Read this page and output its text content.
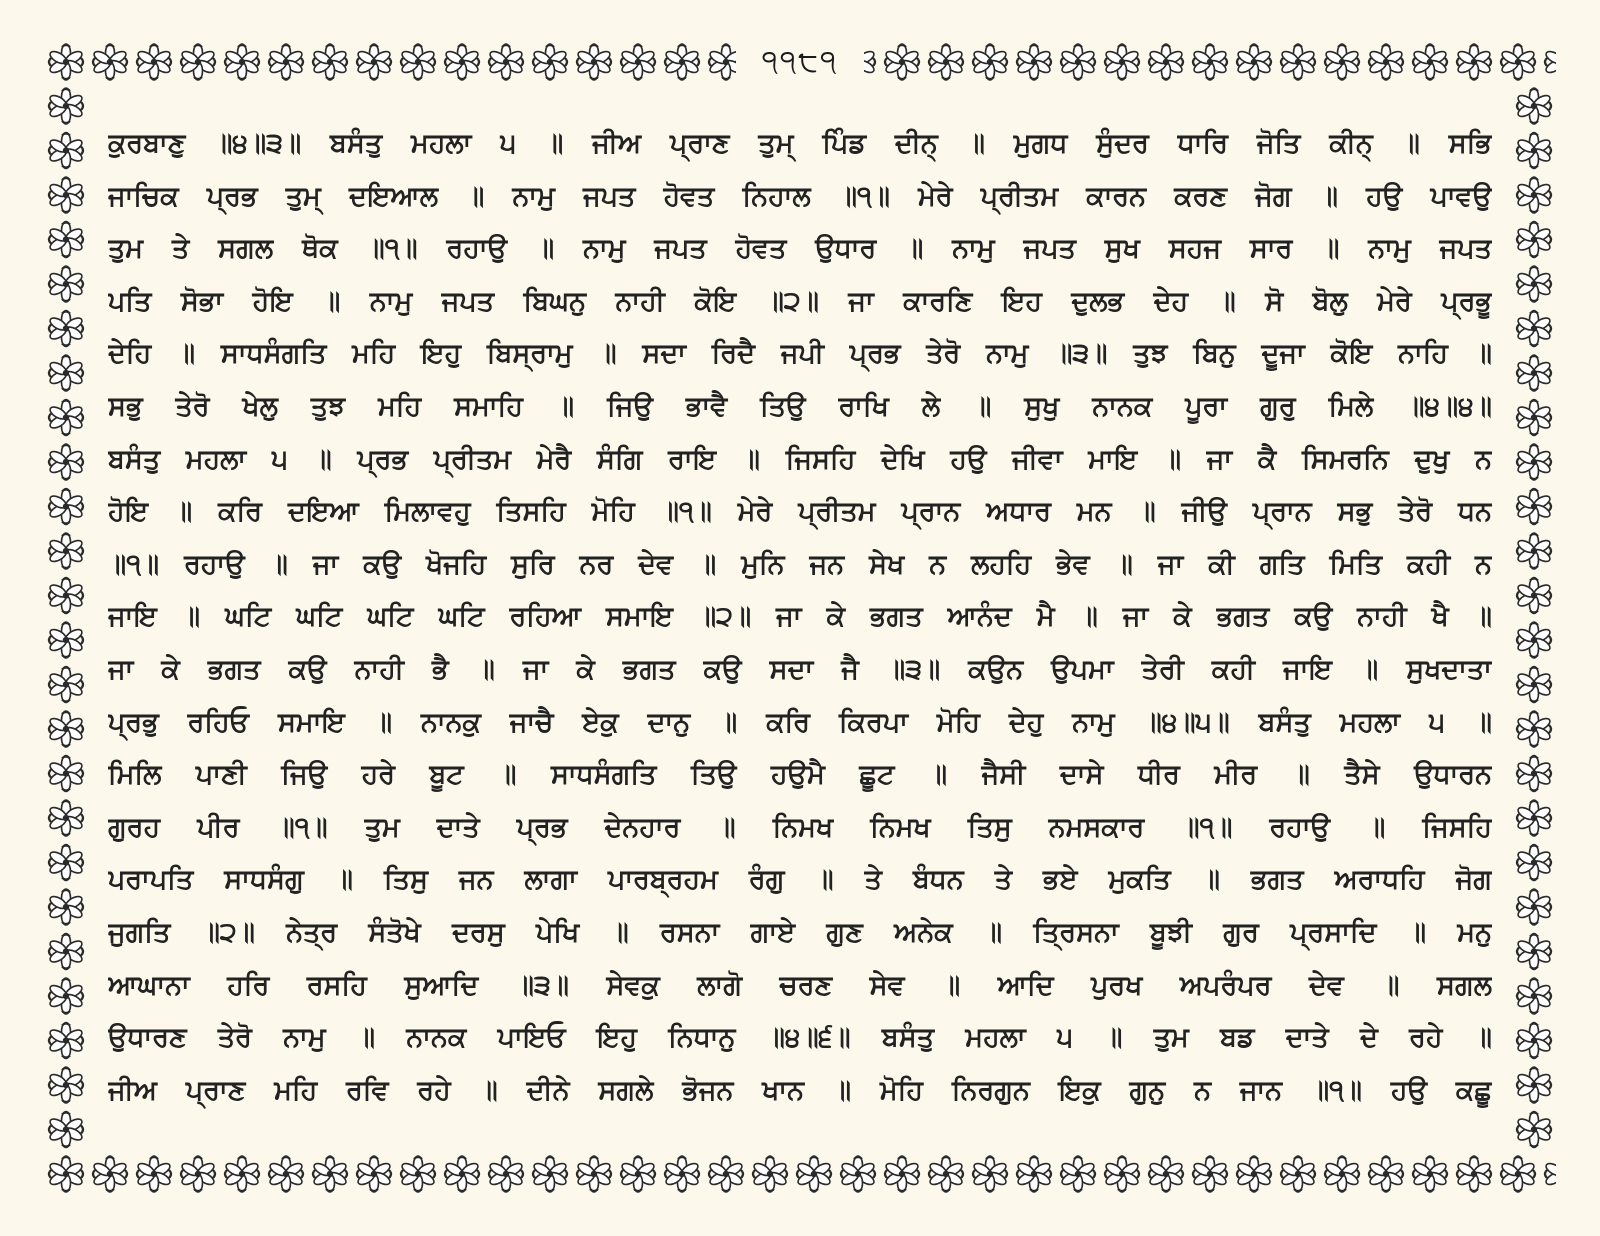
੧੧੮੧
ਕੁਰਬਾਣੁ ॥੪॥੩॥ ਬਸੰਤੁ ਮਹਲਾ ੫ ॥ ਜੀਅ ਪ੍ਰਾਣ ਤੁਮ੍ ਪਿੰਡ ਦੀਨ੍ ॥ ਮੁਗਧ ਸੁੰਦਰ ਧਾਰਿ ਜੋਤਿ ਕੀਨ੍ ॥ ਸਭਿ
ਜਾਚਿਕ ਪ੍ਰਭ ਤੁਮ੍ ਦਇਆਲ ॥ ਨਾਮੁ ਜਪਤ ਹੋਵਤ ਨਿਹਾਲ ॥੧॥ ਮੇਰੇ ਪ੍ਰੀਤਮ ਕਾਰਨ ਕਰਣ ਜੋਗ ॥ ਹਉ ਪਾਵਉ
ਤੁਮ ਤੇ ਸਗਲ ਥੋਕ ॥੧॥ ਰਹਾਉ ॥ ਨਾਮੁ ਜਪਤ ਹੋਵਤ ਉਧਾਰ ॥ ਨਾਮੁ ਜਪਤ ਸੁਖ ਸਹਜ ਸਾਰ ॥ ਨਾਮੁ ਜਪਤ
ਪਤਿ ਸੋਭਾ ਹੋਇ ॥ ਨਾਮੁ ਜਪਤ ਬਿਘਨੁ ਨਾਹੀ ਕੋਇ ॥੨॥ ਜਾ ਕਾਰਣਿ ਇਹ ਦੁਲਭ ਦੇਹ ॥ ਸੋ ਬੋਲੁ ਮੇਰੇ ਪ੍ਰਭੂ
ਦੇਹਿ ॥ ਸਾਧਸੰਗਤਿ ਮਹਿ ਇਹੁ ਬਿਸ੍ਰਾਮੁ ॥ ਸਦਾ ਰਿਦੈ ਜਪੀ ਪ੍ਰਭ ਤੇਰੋ ਨਾਮੁ ॥੩॥ ਤੁਝ ਬਿਨੁ ਦੂਜਾ ਕੋਇ ਨਾਹਿ ॥
ਸਭੁ ਤੇਰੋ ਖੇਲੁ ਤੁਝ ਮਹਿ ਸਮਾਹਿ ॥ ਜਿਉ ਭਾਵੈ ਤਿਉ ਰਾਖਿ ਲੇ ॥ ਸੁਖੁ ਨਾਨਕ ਪੂਰਾ ਗੁਰੁ ਮਿਲੇ ॥੪॥੪॥
ਬਸੰਤੁ ਮਹਲਾ ੫ ॥ ਪ੍ਰਭ ਪ੍ਰੀਤਮ ਮੇਰੈ ਸੰਗਿ ਰਾਇ ॥ ਜਿਸਹਿ ਦੇਖਿ ਹਉ ਜੀਵਾ ਮਾਇ ॥ ਜਾ ਕੈ ਸਿਮਰਨਿ ਦੁਖੁ ਨ
ਹੋਇ ॥ ਕਰਿ ਦਇਆ ਮਿਲਾਵਹੁ ਤਿਸਹਿ ਮੋਹਿ ॥੧॥ ਮੇਰੇ ਪ੍ਰੀਤਮ ਪ੍ਰਾਨ ਅਧਾਰ ਮਨ ॥ ਜੀਉ ਪ੍ਰਾਨ ਸਭੁ ਤੇਰੋ ਧਨ
॥੧॥ ਰਹਾਉ ॥ ਜਾ ਕਉ ਖੋਜਹਿ ਸੁਰਿ ਨਰ ਦੇਵ ॥ ਮੁਨਿ ਜਨ ਸੇਖ ਨ ਲਹਹਿ ਭੇਵ ॥ ਜਾ ਕੀ ਗਤਿ ਮਿਤਿ ਕਹੀ ਨ
ਜਾਇ ॥ ਘਟਿ ਘਟਿ ਘਟਿ ਘਟਿ ਰਹਿਆ ਸਮਾਇ ॥੨॥ ਜਾ ਕੇ ਭਗਤ ਆਨੰਦ ਮੈ ॥ ਜਾ ਕੇ ਭਗਤ ਕਉ ਨਾਹੀ ਖੈ ॥
ਜਾ ਕੇ ਭਗਤ ਕਉ ਨਾਹੀ ਭੈ ॥ ਜਾ ਕੇ ਭਗਤ ਕਉ ਸਦਾ ਜੈ ॥੩॥ ਕਉਨ ਉਪਮਾ ਤੇਰੀ ਕਹੀ ਜਾਇ ॥ ਸੁਖਦਾਤਾ
ਪ੍ਰਭੁ ਰਹਿਓ ਸਮਾਇ ॥ ਨਾਨਕੁ ਜਾਚੈ ਏਕੁ ਦਾਨੁ ॥ ਕਰਿ ਕਿਰਪਾ ਮੋਹਿ ਦੇਹੁ ਨਾਮੁ ॥੪॥੫॥ ਬਸੰਤੁ ਮਹਲਾ ੫ ॥
ਮਿਲਿ ਪਾਣੀ ਜਿਉ ਹਰੇ ਬੂਟ ॥ ਸਾਧਸੰਗਤਿ ਤਿਉ ਹਉਮੈ ਛੂਟ ॥ ਜੈਸੀ ਦਾਸੇ ਧੀਰ ਮੀਰ ॥ ਤੈਸੇ ਉਧਾਰਨ
ਗੁਰਹ ਪੀਰ ॥੧॥ ਤੁਮ ਦਾਤੇ ਪ੍ਰਭ ਦੇਨਹਾਰ ॥ ਨਿਮਖ ਨਿਮਖ ਤਿਸੁ ਨਮਸਕਾਰ ॥੧॥ ਰਹਾਉ ॥ ਜਿਸਹਿ
ਪਰਾਪਤਿ ਸਾਧਸੰਗੁ ॥ ਤਿਸੁ ਜਨ ਲਾਗਾ ਪਾਰਬ੍ਰਹਮ ਰੰਗੁ ॥ ਤੇ ਬੰਧਨ ਤੇ ਭਏ ਮੁਕਤਿ ॥ ਭਗਤ ਅਰਾਧਹਿ ਜੋਗ
ਜੁਗਤਿ ॥੨॥ ਨੇਤ੍ਰ ਸੰਤੋਖੇ ਦਰਸੁ ਪੇਖਿ ॥ ਰਸਨਾ ਗਾਏ ਗੁਣ ਅਨੇਕ ॥ ਤ੍ਰਿਸਨਾ ਬੂਝੀ ਗੁਰ ਪ੍ਰਸਾਦਿ ॥ ਮਨੁ
ਆਘਾਨਾ ਹਰਿ ਰਸਹਿ ਸੁਆਦਿ ॥੩॥ ਸੇਵਕੁ ਲਾਗੋ ਚਰਣ ਸੇਵ ॥ ਆਦਿ ਪੁਰਖ ਅਪਰੰਪਰ ਦੇਵ ॥ ਸਗਲ
ਉਧਾਰਣ ਤੇਰੋ ਨਾਮੁ ॥ ਨਾਨਕ ਪਾਇਓ ਇਹੁ ਨਿਧਾਨੁ ॥੪॥੬॥ ਬਸੰਤੁ ਮਹਲਾ ੫ ॥ ਤੁਮ ਬਡ ਦਾਤੇ ਦੇ ਰਹੇ ॥
ਜੀਅ ਪ੍ਰਾਣ ਮਹਿ ਰਵਿ ਰਹੇ ॥ ਦੀਨੇ ਸਗਲੇ ਭੋਜਨ ਖਾਨ ॥ ਮੋਹਿ ਨਿਰਗੁਨ ਇਕੁ ਗੁਨੁ ਨ ਜਾਨ ॥੧॥ ਹਉ ਕਛੂ
